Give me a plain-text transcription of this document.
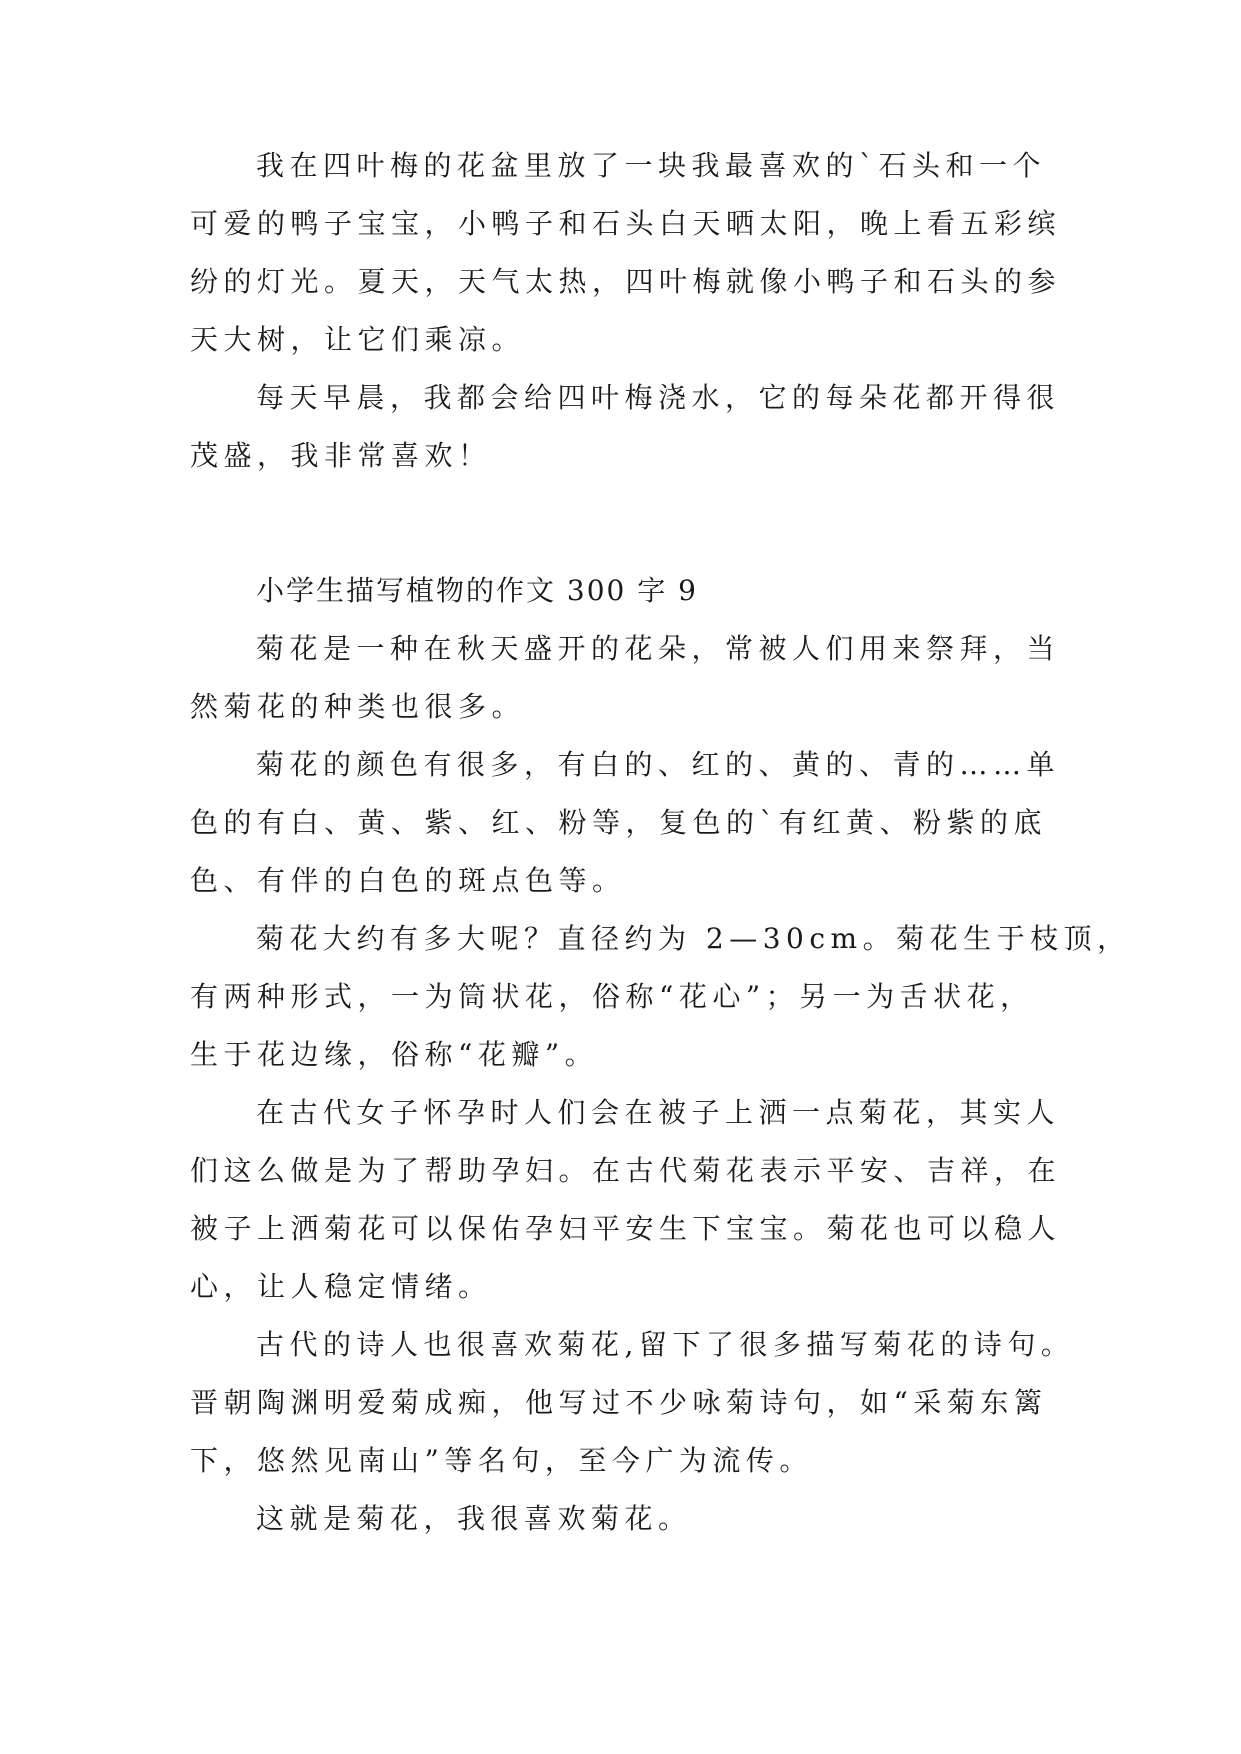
我在四叶梅的花盆里放了一块我最喜欢的`石头和一个
可爱的鸭子宝宝，小鸭子和石头白天晒太阳，晚上看五彩缤
纷的灯光。夏天，天气太热，四叶梅就像小鸭子和石头的参
天大树，让它们乘凉。
每天早晨，我都会给四叶梅浇水，它的每朵花都开得很
茂盛，我非常喜欢！
小学生描写植物的作文 300 字 9
菊花是一种在秋天盛开的花朵，常被人们用来祭拜，当
然菊花的种类也很多。
菊花的颜色有很多，有白的、红的、黄的、青的……单
色的有白、黄、紫、红、粉等，复色的`有红黄、粉紫的底
色、有伴的白色的斑点色等。
菊花大约有多大呢？直径约为 2—30cm。菊花生于枝顶，
有两种形式，一为筒状花，俗称“花心”；另一为舌状花，
生于花边缘，俗称“花瓣”。
在古代女子怀孕时人们会在被子上洒一点菊花，其实人
们这么做是为了帮助孕妇。在古代菊花表示平安、吉祥，在
被子上洒菊花可以保佑孕妇平安生下宝宝。菊花也可以稳人
心，让人稳定情绪。
古代的诗人也很喜欢菊花,留下了很多描写菊花的诗句。
晋朝陶渊明爱菊成痴，他写过不少咏菊诗句，如“采菊东篱
下，悠然见南山”等名句，至今广为流传。
这就是菊花，我很喜欢菊花。
